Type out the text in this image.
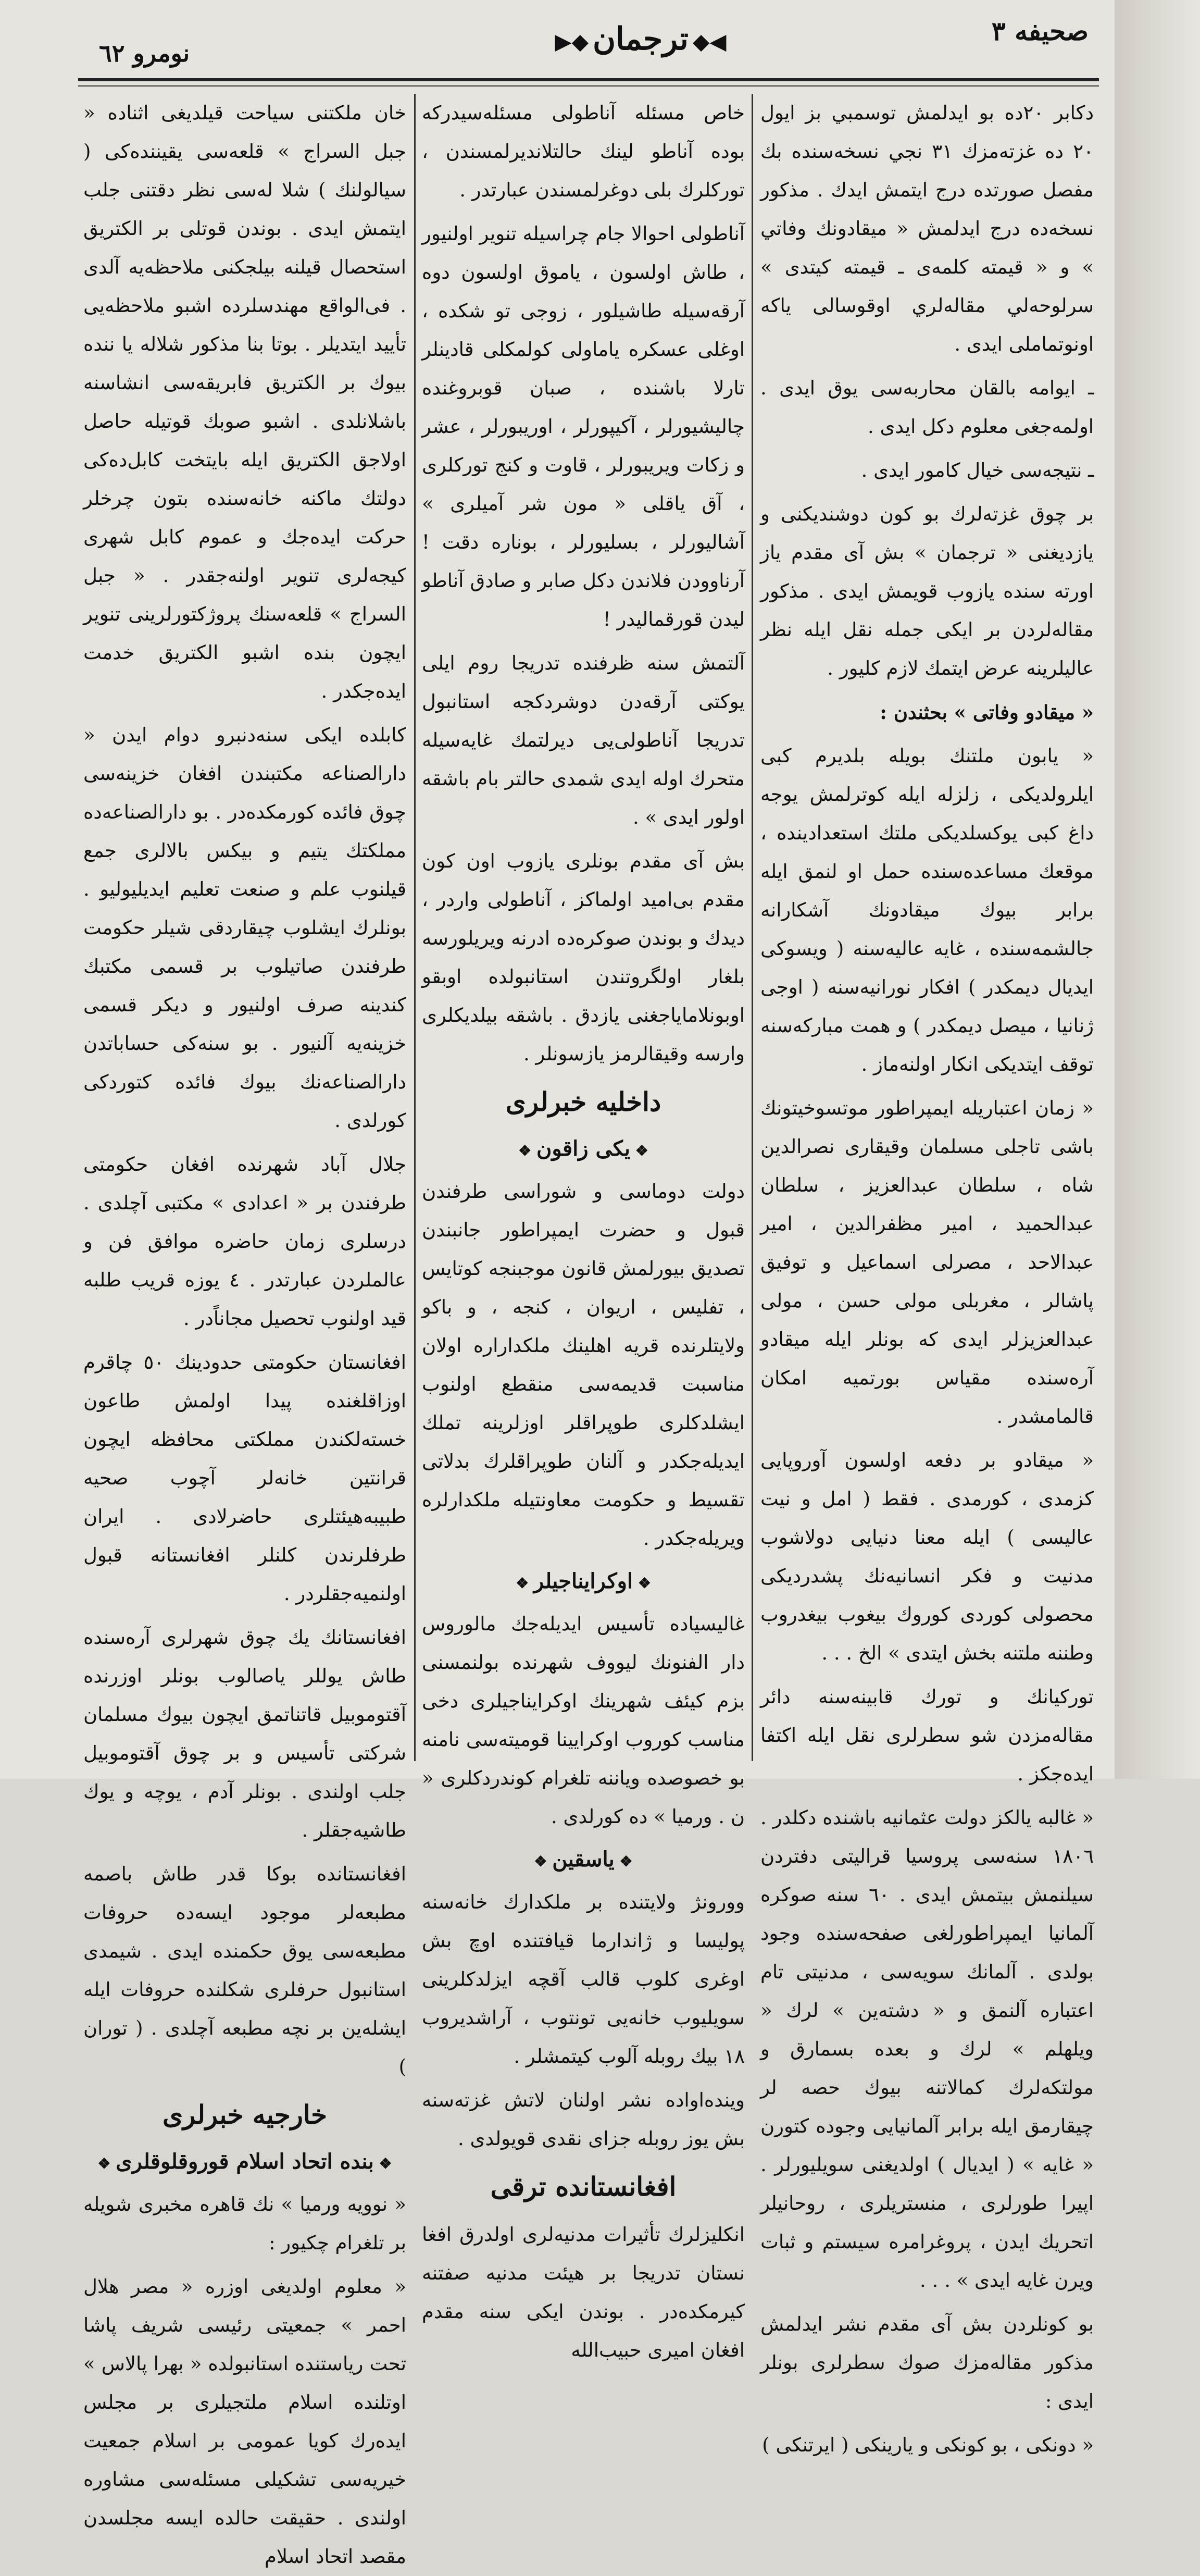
نومرو ٦٢	◀◆ترجمان◆▶	صحيفه ٣

دكابر ٢٠ده بو ايدلمش توسمبي بز ايول ٢٠ ده غزته‌مزك ٣١ نجي نسخه‌سنده بك مفصل صورتده درج ايتمش ايدك . مذكور نسخه‌ده درج ايدلمش « ميقادونك وفاتي » و « قيمته كلمه‌ى ـ قيمته كيتدى » سرلوحه‌لي مقاله‌لري اوقوسالى ياكه اونوتماملى ايدى .

ـ ايوامه بالقان محاربه‌سى يوق ايدى . اولمه‌جغى معلوم دكل ايدى .

ـ نتيجه‌سى خيال كامور ايدى .

بر چوق غزته‌لرك بو كون دوشنديكنى و يازديغنى « ترجمان » بش آى مقدم ياز اورته سنده يازوب قويمش ايدى . مذكور مقاله‌لردن بر ايكى جمله نقل ايله نظر عاليلرينه عرض ايتمك لازم كليور .

« ميقادو وفاتى » بحثندن :

« يابون ملتنك بويله بلديرم كبى ايلرولديكى ، زلزله ايله كوترلمش يوجه داغ كبى يوكسلديكى ملتك استعدادينده ، موقعك مساعده‌سنده حمل او لنمق ايله برابر بيوك ميقادونك آشكارانه جالشمه‌سنده ، غايه عاليه‌سنه ( ويسوكى ايديال ديمكدر ) افكار نورانيه‌سنه ( اوجى ژنانيا ، ميصل ديمكدر ) و همت مباركه‌سنه توقف ايتديكى انكار اولنه‌ماز .

« زمان اعتباريله ايمپراطور موتسوخيتونك باشى تاجلى مسلمان وقيقارى نصرالدين شاه ، سلطان عبدالعزيز ، سلطان عبدالحميد ، امير مظفرالدين ، امير عبدالاحد ، مصرلى اسماعيل و توفيق پاشالر ، مغربلى مولى حسن ، مولى عبدالعزيزلر ايدى كه بونلر ايله ميقادو آره‌سنده مقياس بورتميه امكان قالمامشدر .

« ميقادو بر دفعه اولسون آوروپايى كزمدى ، كورمدى . فقط ( امل و نيت عاليسى ) ايله معنا دنيايى دولاشوب مدنيت و فكر انسانيه‌نك پشدرديكى محصولى كوردى كوروك بيغوب بيغدروب وطننه ملتنه بخش ايتدى » الخ . . .

توركيانك و تورك قابينه‌سنه دائر مقاله‌مزدن شو سطرلرى نقل ايله اكتفا ايده‌جكز .

« غالبه يالكز دولت عثمانيه باشنده دكلدر . ١٨٠٦ سنه‌سى پروسيا قراليتى دفتردن سيلنمش بيتمش ايدى . ٦٠ سنه صوكره آلمانيا ايمپراطورلغى صفحه‌سنده وجود بولدى . آلمانك سويه‌سى ، مدنيتى تام اعتباره آلنمق و « دشته‌ين » لرك « ويلهلم » لرك و بعده بسمارق و مولتكه‌لرك كمالاتنه بيوك حصه لر چيقارمق ايله برابر آلمانيايى وجوده كتورن « غايه » ( ايديال ) اولديغنى سويليورلر . اپيرا طورلرى ، منستريلرى ، روحانيلر اتحريك ايدن ، پروغرامره سيستم و ثبات ويرن غايه ايدى » . . .

بو كونلردن بش آى مقدم نشر ايدلمش مذكور مقاله‌مزك صوك سطرلرى بونلر ايدى :

« دونكى ، بو كونكى و يارينكى ( ايرتنكى )

خاص مسئله آناطولى مسئله‌سيدركه بوده آناطو لينك حالتلانديرلمسندن ، توركلرك بلى دوغرلمسندن عبارتدر .

آناطولى احوالا جام چراسيله تنوير اولنيور ، طاش اولسون ، ياموق اولسون دوه آرقه‌سيله طاشيلور ، زوجى تو شكده ، اوغلى عسكره ياماولى كولمكلى قادينلر تارلا باشنده ، صبان قوبروغنده چاليشيورلر ، آكيپورلر ، اوريبورلر ، عشر و زكات ويريبورلر ، قاوت و كنج توركلرى ، آق ياقلى « مون شر آميلرى » آشاليورلر ، بسليورلر ، بوناره دقت ! آرناوودن فلاندن دكل صابر و صادق آناطو ليدن قورقماليدر !

آلتمش سنه ظرفنده تدريجا روم ايلى يوكتى آرقه‌دن دوشردكجه استانبول تدريجا آناطولى‌يى ديرلتمك غايه‌سيله متحرك اوله ايدى شمدى حالتر بام باشقه اولور ايدى » .

بش آى مقدم بونلرى يازوب اون كون مقدم بى‌اميد اولماكز ، آناطولى واردر ، ديدك و بوندن صوكره‌ده ادرنه ويريلورسه بلغار اولگروتندن استانبولده اوبقو اوبونلاماياجغنى يازدق . باشقه بيلديكلرى وارسه وقيقالرمز يازسونلر .

داخليه خبرلرى
❖ يكى زاقون ❖

دولت دوماسى و شوراسى طرفندن قبول و حضرت ايمپراطور جانبندن تصديق بيورلمش قانون موجبنجه كوتايس ، تفليس ، اريوان ، كنجه ، و باكو ولايتلرنده قريه اهلينك ملكداراره اولان مناسبت قديمه‌سى منقطع اولنوب ايشلدكلرى طوپراقلر اوزلرينه تملك ايديله‌جكدر و آلنان طوپراقلرك بدلاتى تقسيط و حكومت معاونتيله ملكدارلره ويريله‌جكدر .

❖ اوكرايناجيلر ❖

غاليسياده تأسيس ايديله‌جك مالوروس دار الفنونك ليووف شهرنده بولنمسنى بزم كيئف شهرينك اوكرايناجيلرى دخى مناسب كوروب اوكرايينا قوميته‌سى نامنه بو خصوصده وياننه تلغرام كوندردكلرى « ن . ورميا » ده كورلدى .

❖ ياسقين ❖

وورونژ ولايتنده بر ملكدارك خانه‌سنه پوليسا و ژاندارما قيافتنده اوچ بش اوغرى كلوب قالب آقچه ايزلدكلرينى سويليوب خانه‌يى تونتوب ، آراشديروب ١٨ بيك روبله آلوب كيتمشلر .

وينده‌اواده نشر اولنان لاتش غزته‌سنه بش يوز روبله جزاى نقدى قويولدى .

افغانستانده ترقى

انكليزلرك تأثيرات مدنيه‌لرى اولدرق افغا نستان تدريجا بر هيئت مدنيه صفتنه كيرمكده‌در . بوندن ايكى سنه مقدم افغان اميرى حبيب‌الله

خان ملكتنى سياحت قيلديغى اثناده « جبل السراج » قلعه‌سى يقيننده‌كى ( سيالولنك ) شلا له‌سى نظر دقتنى جلب ايتمش ايدى . بوندن قوتلى بر الكتريق استحصال قيلنه بيلجكنى ملاحظه‌يه آلدى . فى‌الواقع مهندسلرده اشبو ملاحظه‌يى تأييد ايتديلر . بوتا بنا مذكور شلاله يا ننده بيوك بر الكتريق فابريقه‌سى انشاسنه باشلانلدى . اشبو صوبك قوتيله حاصل اولاجق الكتريق ايله بايتخت كابل‌ده‌كى دولتك ماكنه خانه‌سنده بتون چرخلر حركت ايده‌جك و عموم كابل شهرى كيجه‌لرى تنوير اولنه‌جقدر . « جبل السراج » قلعه‌سنك پروژكتورلرينى تنوير ايچون بنده اشبو الكتريق خدمت ايده‌جكدر .

كابلده ايكى سنه‌دنبرو دوام ايدن « دارالصناعه مكتبندن افغان خزينه‌سى چوق فائده كورمكده‌در . بو دارالصناعه‌ده مملكتك يتيم و بيكس بالالرى جمع قيلنوب علم و صنعت تعليم ايديليوليو . بونلرك ايشلوب چيقاردقى شيلر حكومت طرفندن صاتيلوب بر قسمى مكتبك كندينه صرف اولنيور و ديكر قسمى خزينه‌يه آلنيور . بو سنه‌كى حساباتدن دارالصناعه‌نك بيوك فائده كتوردكى كورلدى .

جلال آباد شهرنده افغان حكومتى طرفندن بر « اعدادى » مكتبى آچلدى . درسلرى زمان حاضره موافق فن و عالملردن عبارتدر . ٤ يوزه قريب طلبه قيد اولنوب تحصيل مجاناً‌در .

افغانستان حكومتى حدودينك ٥٠ چاقرم اوزاقلغنده پيدا اولمش طاعون خسته‌لكندن مملكتى محافظه ايچون قرانتين خانه‌لر آچوب صحيه طبيبه‌هيئتلرى حاضرلادى . ايران طرفلرندن كلنلر افغانستانه قبول اولنميه‌جقلردر .

افغانستانك يك چوق شهرلرى آره‌سنده طاش يوللر ياصالوب بونلر اوزرنده آقتوموبيل قاتناتمق ايچون بيوك مسلمان شركتى تأسيس و بر چوق آقتوموبيل جلب اولندى . بونلر آدم ، يوچه و يوك طاشيه‌جقلر .

افغانستانده بوكا قدر طاش باصمه مطبعه‌لر موجود ايسه‌ده حروفات مطبعه‌سى يوق حكمنده ايدى . شيمدى استانبول حرفلرى شكلنده حروفات ايله ايشله‌ين بر نچه مطبعه آچلدى . ( توران )

خارجيه خبرلرى
❖ بنده اتحاد اسلام قوروقلوقلرى ❖

« نوويه ورميا » نك قاهره مخبرى شويله بر تلغرام چكيور :

« معلوم اولديغى اوزره « مصر هلال احمر » جمعيتى رئيسى شريف پاشا تحت رياستنده استانبولده « بهرا پالاس » اوتلنده اسلام ملتجيلرى بر مجلس ايده‌رك كويا عمومى بر اسلام جمعيت خيريه‌سى تشكيلى مسئله‌سى مشاوره اولندى . حقيقت حالده ايسه مجلسدن مقصد اتحاد اسلام
